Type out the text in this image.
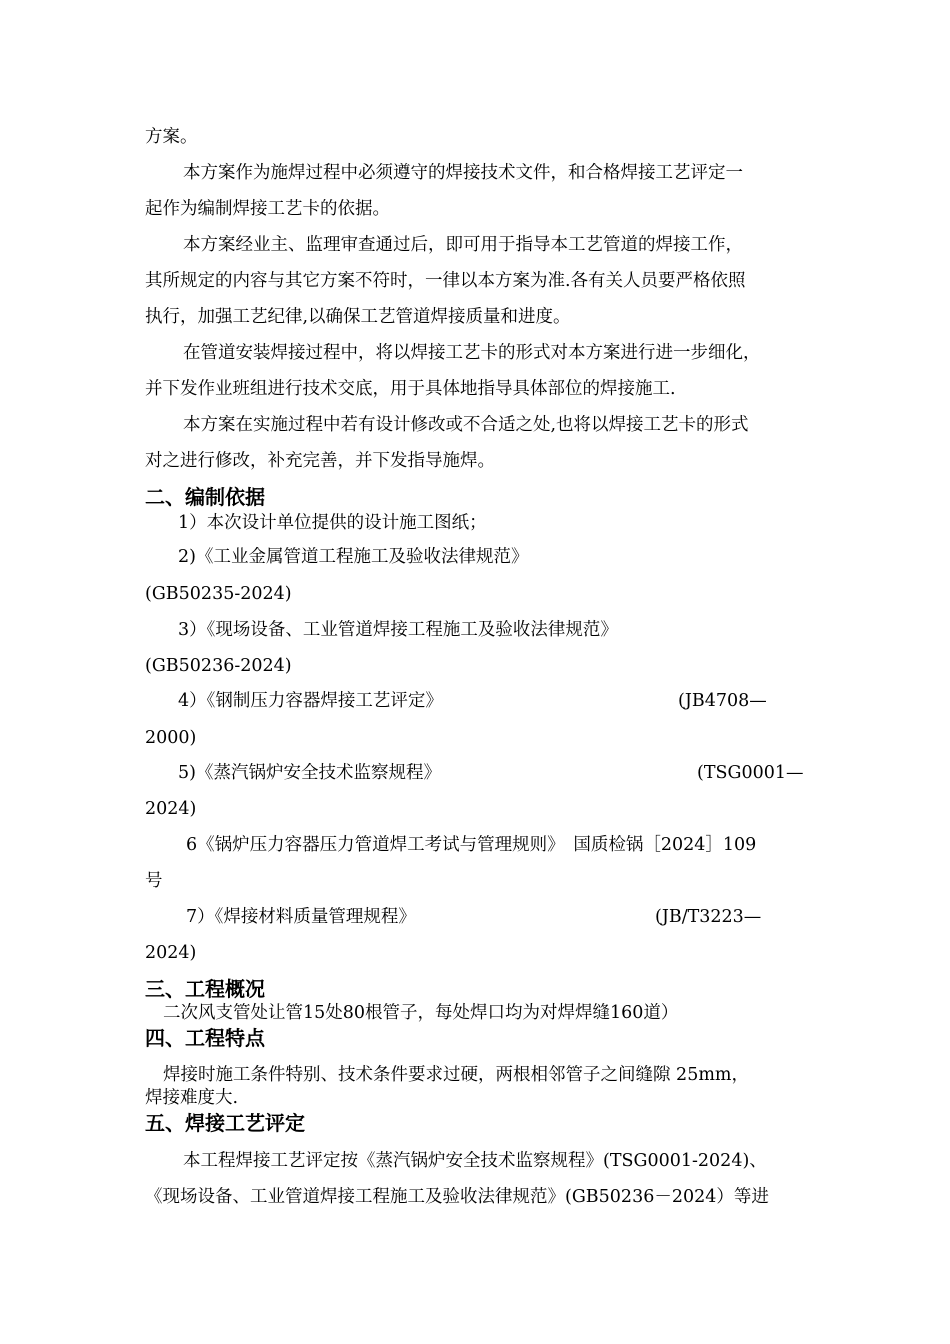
方案。
本方案作为施焊过程中必须遵守的焊接技术文件，和合格焊接工艺评定一
起作为编制焊接工艺卡的依据。
本方案经业主、监理审查通过后，即可用于指导本工艺管道的焊接工作，
其所规定的内容与其它方案不符时，一律以本方案为准.各有关人员要严格依照
执行，加强工艺纪律,以确保工艺管道焊接质量和进度。
在管道安装焊接过程中，将以焊接工艺卡的形式对本方案进行进一步细化，
并下发作业班组进行技术交底，用于具体地指导具体部位的焊接施工.
本方案在实施过程中若有设计修改或不合适之处,也将以焊接工艺卡的形式
对之进行修改，补充完善，并下发指导施焊。
二、编制依据
1）本次设计单位提供的设计施工图纸；
2)《工业金属管道工程施工及验收法律规范》
(GB50235-2024)
3）《现场设备、工业管道焊接工程施工及验收法律规范》
(GB50236-2024)
4）《钢制压力容器焊接工艺评定》	(JB4708—
2000)
5)《蒸汽锅炉安全技术监察规程》	(TSG0001—
2024)
6《锅炉压力容器压力管道焊工考试与管理规则》　国质检锅［2024］109
号
7）《焊接材料质量管理规程》	(JB/T3223—
2024)
三、工程概况
二次风支管处让管15处80根管子，每处焊口均为对焊焊缝160道）
四、工程特点
焊接时施工条件特别、技术条件要求过硬，两根相邻管子之间缝隙 25mm，
焊接难度大.
五、焊接工艺评定
本工程焊接工艺评定按《蒸汽锅炉安全技术监察规程》(TSG0001-2024)、
《现场设备、工业管道焊接工程施工及验收法律规范》(GB50236－2024）等进
